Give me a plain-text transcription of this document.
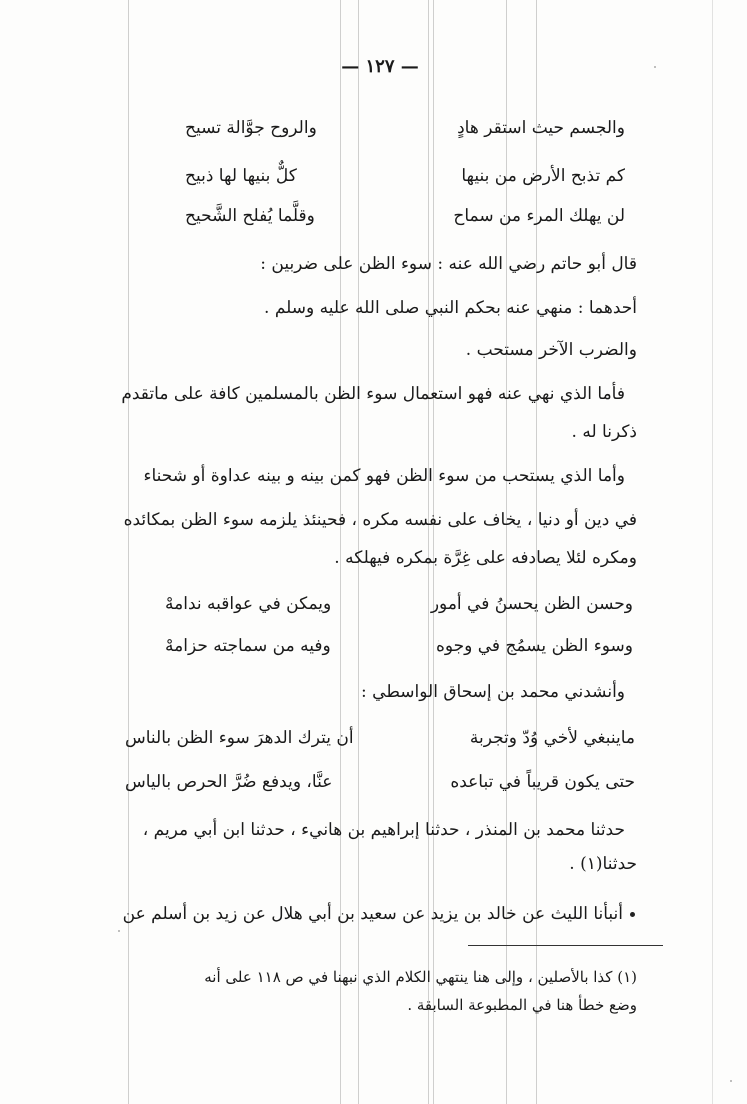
— ١٢٧ —
والجسم حيث استقر هادٍ
والروح جوَّالة تسيح
كم تذبح الأرض من بنيها
كلٌّ بنيها لها ذبيح
لن يهلك المرء من سماح
وقلَّما يُفلح الشَّحيح
قال أبو حاتم رضي الله عنه : سوء الظن على ضربين :
أحدهما : منهي عنه بحكم النبي صلى الله عليه وسلم .
والضرب الآخر مستحب .
فأما الذي نهي عنه فهو استعمال سوء الظن بالمسلمين كافة على ماتقدم
ذكرنا له .
وأما الذي يستحب من سوء الظن فهو كمن بينه و بينه عداوة أو شحناء
في دين أو دنيا ، يخاف على نفسه مكره ، فحينئذ يلزمه سوء الظن بمكائده
ومكره لئلا يصادفه على غِرَّة بمكره فيهلكه .
وحسن الظن يحسنُ في أمور
ويمكن في عواقبه ندامهْ
وسوء الظن يسمُج في وجوه
وفيه من سماجته حزامهْ
وأنشدني محمد بن إسحاق الواسطي :
ماينبغي لأخي وُدّ وتجربة
أن يترك الدهرَ سوء الظن بالناس
حتى يكون قريباً في تباعده
عنَّا، ويدفع ضُرَّ الحرص بالياس
حدثنا محمد بن المنذر ، حدثنا إبراهيم بن هانيء ، حدثنا ابن أبي مريم ،
حدثنا(١) .
أنبأنا الليث عن خالد بن يزيد عن سعيد بن أبي هلال عن زيد بن أسلم عن
(١) كذا بالأصلين ، وإلى هنا ينتهي الكلام الذي نبهنا في ص ١١٨ على أنه
وضع خطأ هنا في المطبوعة السابقة .
